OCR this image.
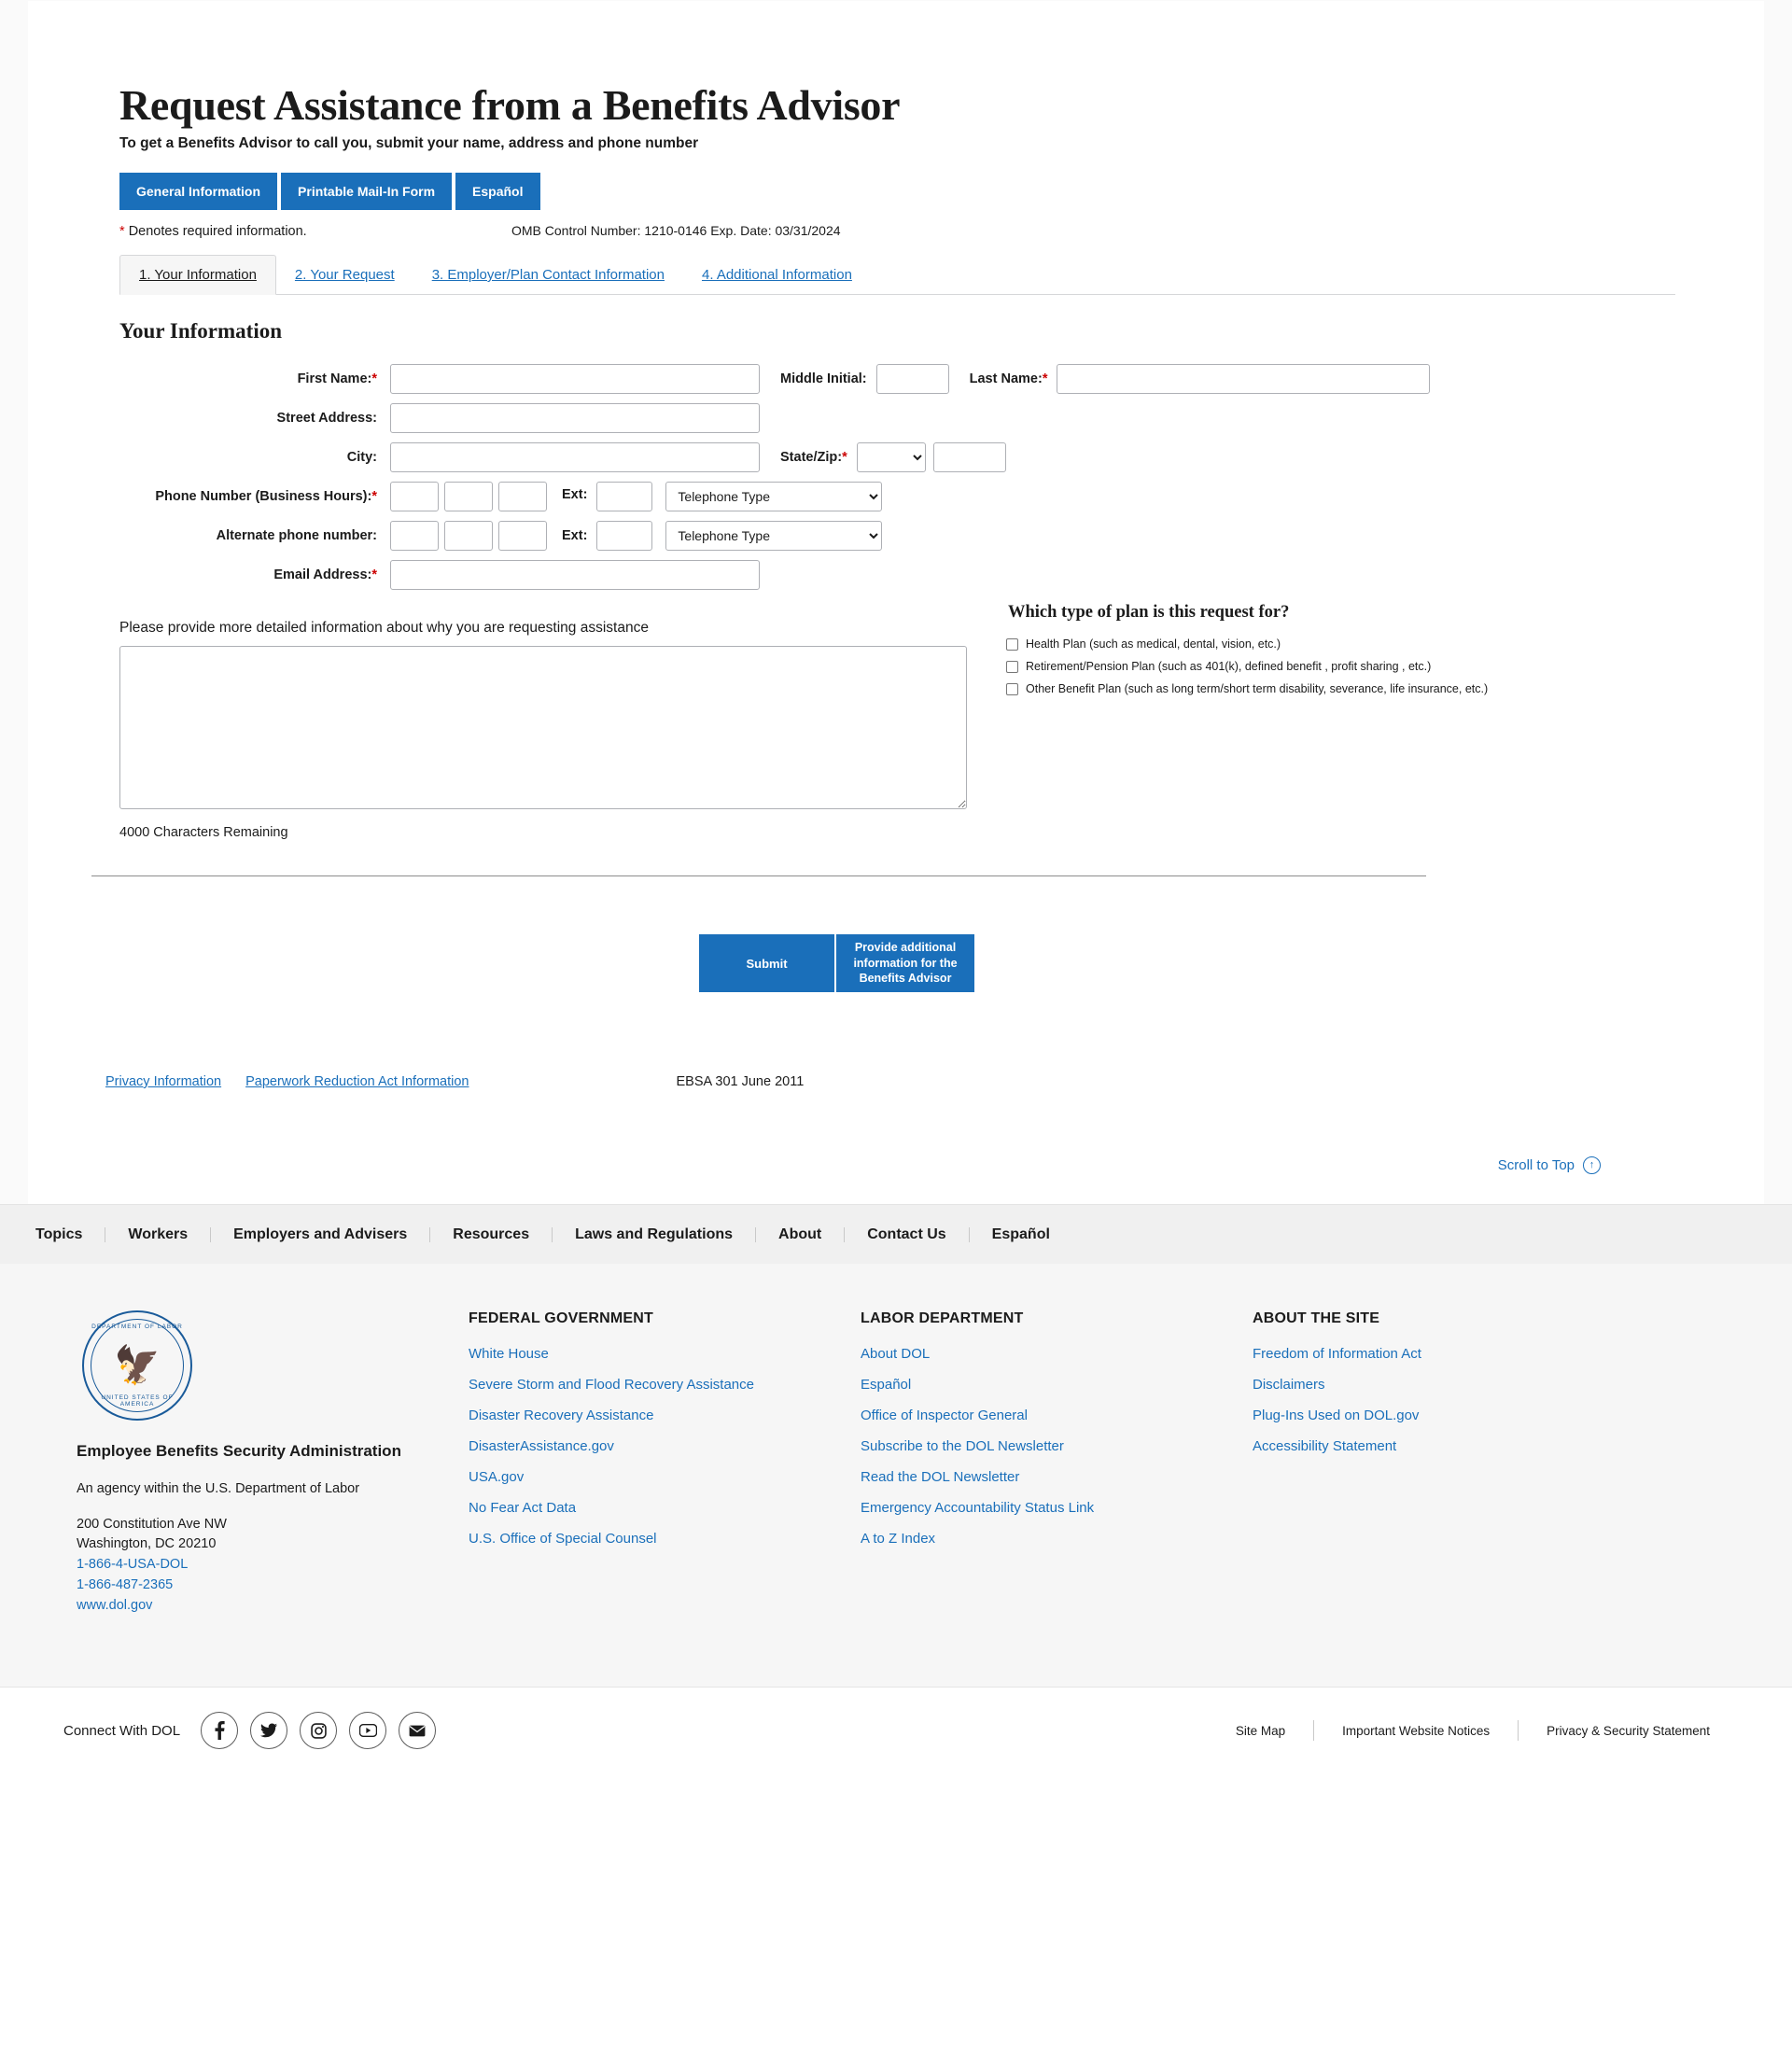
Request Assistance from a Benefits Advisor

To get a Benefits Advisor to call you, submit your name, address and phone number

General Information	Printable Mail-In Form	Español
* Denotes required information.	OMB Control Number: 1210-0146 Exp. Date: 03/31/2024
1. Your Information	2. Your Request	3. Employer/Plan Contact Information	4. Additional Information
Your Information
First Name:*	Middle Initial:	Last Name:*
Street Address:
City:	State/Zip:*
Phone Number (Business Hours):*	Ext:
Telephone Type
Alternate phone number:	Ext:
Telephone Type
Email Address:*
Please provide more detailed information about why you are requesting assistance
4000 Characters Remaining
Which type of plan is this request for?
Health Plan (such as medical, dental, vision, etc.)
Retirement/Pension Plan (such as 401(k), defined benefit , profit sharing , etc.)
Other Benefit Plan (such as long term/short term disability, severance, life insurance, etc.)
Submit
Provide additional information for the Benefits Advisor
Privacy Information Paperwork Reduction Act Information	EBSA 301 June 2011
Scroll to Top	↑
Topics	Workers	Employers and Advisers	Resources	Laws and Regulations	About	Contact Us	Español
DEPARTMENT OF LABOR
🦅
UNITED STATES OF AMERICA
Employee Benefits Security Administration
An agency within the U.S. Department of Labor
200 Constitution Ave NW
Washington, DC 20210
1-866-4-USA-DOL
1-866-487-2365
www.dol.gov
FEDERAL GOVERNMENT
White House
Severe Storm and Flood Recovery Assistance
Disaster Recovery Assistance
DisasterAssistance.gov
USA.gov
No Fear Act Data
U.S. Office of Special Counsel
LABOR DEPARTMENT
About DOL
Español
Office of Inspector General
Subscribe to the DOL Newsletter
Read the DOL Newsletter
Emergency Accountability Status Link
A to Z Index
ABOUT THE SITE
Freedom of Information Act
Disclaimers
Plug-Ins Used on DOL.gov
Accessibility Statement
Connect With DOL	Site Map	Important Website Notices	Privacy & Security Statement
